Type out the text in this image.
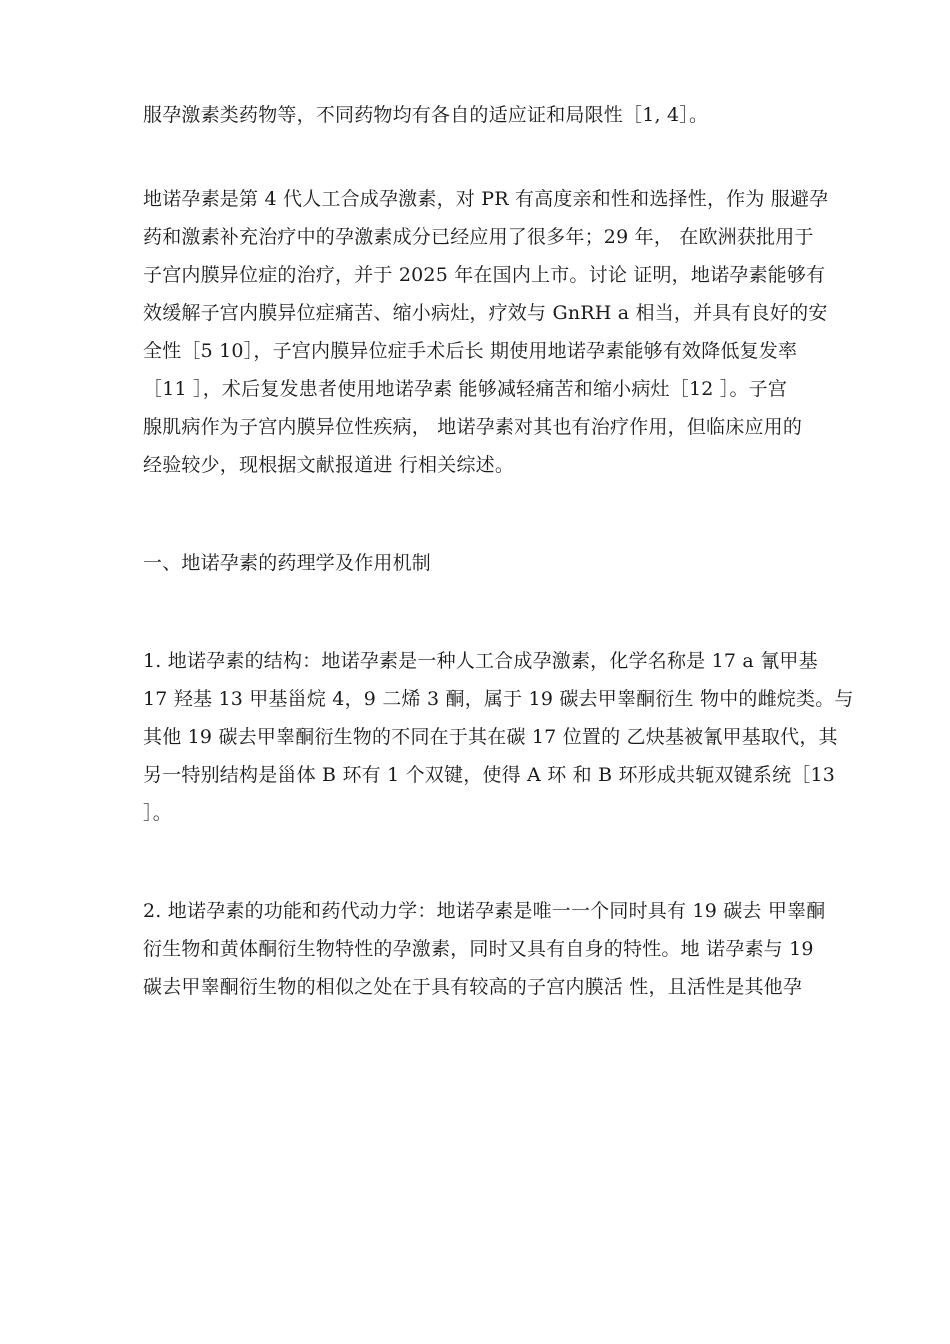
服孕激素类药物等，不同药物均有各自的适应证和局限性［1, 4］。
地诺孕素是第 4 代人工合成孕激素，对 PR 有高度亲和性和选择性，作为 服避孕
药和激素补充治疗中的孕激素成分已经应用了很多年；29 年， 在欧洲获批用于
子宫内膜异位症的治疗，并于 2025 年在国内上市。讨论 证明，地诺孕素能够有
效缓解子宫内膜异位症痛苦、缩小病灶，疗效与 GnRH a 相当，并具有良好的安
全性［5 10］，子宫内膜异位症手术后长 期使用地诺孕素能够有效降低复发率
［11 ］，术后复发患者使用地诺孕素 能够减轻痛苦和缩小病灶［12 ］。子宫
腺肌病作为子宫内膜异位性疾病， 地诺孕素对其也有治疗作用，但临床应用的
经验较少，现根据文献报道进 行相关综述。
一、地诺孕素的药理学及作用机制
1. 地诺孕素的结构：地诺孕素是一种人工合成孕激素，化学名称是 17 a 氰甲基
17 羟基 13 甲基甾烷 4，9 二烯 3 酮，属于 19 碳去甲睾酮衍生 物中的雌烷类。与
其他 19 碳去甲睾酮衍生物的不同在于其在碳 17 位置的 乙炔基被氰甲基取代，其
另一特别结构是甾体 B 环有 1 个双键，使得 A 环 和 B 环形成共轭双键系统［13
］。
2. 地诺孕素的功能和药代动力学：地诺孕素是唯一一个同时具有 19 碳去 甲睾酮
衍生物和黄体酮衍生物特性的孕激素，同时又具有自身的特性。地 诺孕素与 19
碳去甲睾酮衍生物的相似之处在于具有较高的子宫内膜活 性，且活性是其他孕
